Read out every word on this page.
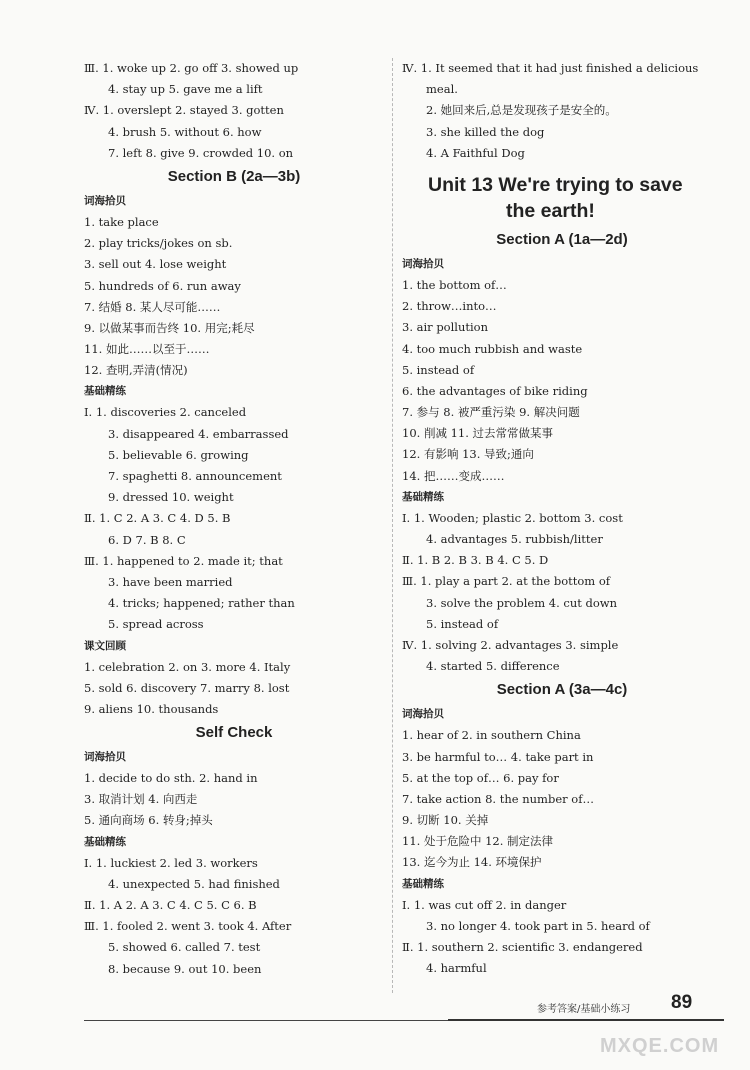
Ⅲ. 1. woke up 2. go off 3. showed up
4. stay up 5. gave me a lift
Ⅳ. 1. overslept 2. stayed 3. gotten
4. brush 5. without 6. how
7. left 8. give 9. crowded 10. on
Section B (2a—3b)
词海拾贝
1. take place
2. play tricks/jokes on sb.
3. sell out 4. lose weight
5. hundreds of 6. run away
7. 结婚 8. 某人尽可能……
9. 以做某事而告终 10. 用完;耗尽
11. 如此……以至于……
12. 查明,弄清(情况)
基础精练
Ⅰ. 1. discoveries 2. canceled
3. disappeared 4. embarrassed
5. believable 6. growing
7. spaghetti 8. announcement
9. dressed 10. weight
Ⅱ. 1. C 2. A 3. C 4. D 5. B
6. D 7. B 8. C
Ⅲ. 1. happened to 2. made it; that
3. have been married
4. tricks; happened; rather than
5. spread across
课文回顾
1. celebration 2. on 3. more 4. Italy
5. sold 6. discovery 7. marry 8. lost
9. aliens 10. thousands
Self Check
词海拾贝
1. decide to do sth. 2. hand in
3. 取消计划 4. 向西走
5. 通向商场 6. 转身;掉头
基础精练
Ⅰ. 1. luckiest 2. led 3. workers
4. unexpected 5. had finished
Ⅱ. 1. A 2. A 3. C 4. C 5. C 6. B
Ⅲ. 1. fooled 2. went 3. took 4. After
5. showed 6. called 7. test
8. because 9. out 10. been
Ⅳ. 1. It seemed that it had just finished a delicious
meal.
2. 她回来后,总是发现孩子是安全的。
3. she killed the dog
4. A Faithful Dog
Unit 13 We're trying to save
the earth!
Section A (1a—2d)
词海拾贝
1. the bottom of…
2. throw…into…
3. air pollution
4. too much rubbish and waste
5. instead of
6. the advantages of bike riding
7. 参与 8. 被严重污染 9. 解决问题
10. 削减 11. 过去常常做某事
12. 有影响 13. 导致;通向
14. 把……变成……
基础精练
Ⅰ. 1. Wooden; plastic 2. bottom 3. cost
4. advantages 5. rubbish/litter
Ⅱ. 1. B 2. B 3. B 4. C 5. D
Ⅲ. 1. play a part 2. at the bottom of
3. solve the problem 4. cut down
5. instead of
Ⅳ. 1. solving 2. advantages 3. simple
4. started 5. difference
Section A (3a—4c)
词海拾贝
1. hear of 2. in southern China
3. be harmful to… 4. take part in
5. at the top of… 6. pay for
7. take action 8. the number of…
9. 切断 10. 关掉
11. 处于危险中 12. 制定法律
13. 迄今为止 14. 环境保护
基础精练
Ⅰ. 1. was cut off 2. in danger
3. no longer 4. took part in 5. heard of
Ⅱ. 1. southern 2. scientific 3. endangered
4. harmful
参考答案/基础小练习 89
MXQE.COM
